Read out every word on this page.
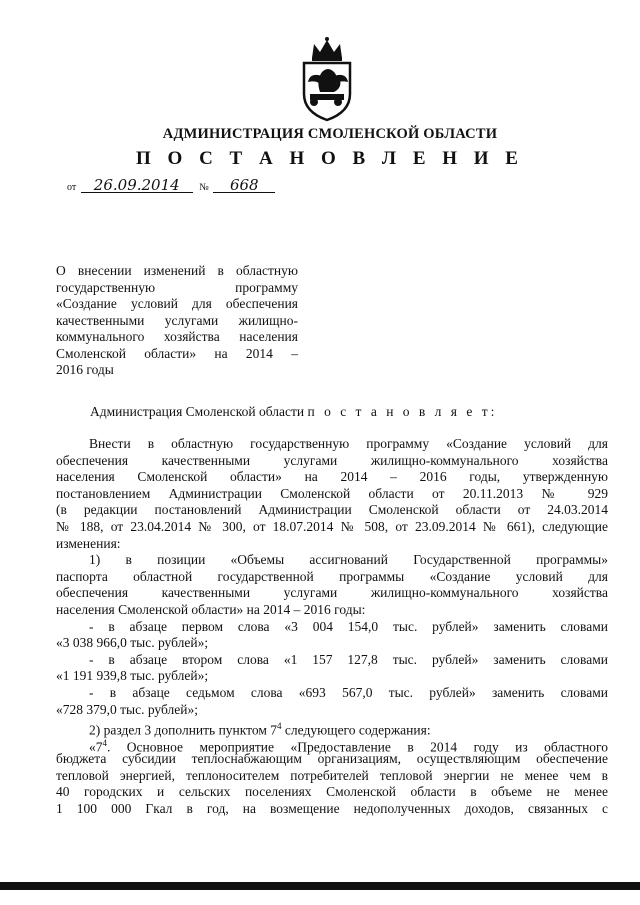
АДМИНИСТРАЦИЯ СМОЛЕНСКОЙ ОБЛАСТИ
П О С Т А Н О В Л Е Н И Е
от 26.09.2014 № 668
О внесении изменений в областную
государственную программу
«Создание условий для обеспечения
качественными услугами жилищно-
коммунального хозяйства населения
Смоленской области» на 2014 –
2016 годы
Администрация Смоленской области п о с т а н о в л я е т:
Внести в областную государственную программу «Создание условий для
обеспечения качественными услугами жилищно-коммунального хозяйства
населения Смоленской области» на 2014 – 2016 годы, утвержденную
постановлением Администрации Смоленской области от 20.11.2013 № 929
(в редакции постановлений Администрации Смоленской области от 24.03.2014
№ 188, от 23.04.2014 № 300, от 18.07.2014 № 508, от 23.09.2014 № 661), следующие
изменения:
1) в позиции «Объемы ассигнований Государственной программы»
паспорта областной государственной программы «Создание условий для
обеспечения качественными услугами жилищно-коммунального хозяйства
населения Смоленской области» на 2014 – 2016 годы:
- в абзаце первом слова «3 004 154,0 тыс. рублей» заменить словами
«3 038 966,0 тыс. рублей»;
- в абзаце втором слова «1 157 127,8 тыс. рублей» заменить словами
«1 191 939,8 тыс. рублей»;
- в абзаце седьмом слова «693 567,0 тыс. рублей» заменить словами
«728 379,0 тыс. рублей»;
2) раздел 3 дополнить пунктом $7^4$ следующего содержания:
«$7^4$. Основное мероприятие «Предоставление в 2014 году из областного
бюджета субсидии теплоснабжающим организациям, осуществляющим обеспечение
тепловой энергией, теплоносителем потребителей тепловой энергии не менее чем в
40 городских и сельских поселениях Смоленской области в объеме не менее
1 100 000 Гкал в год, на возмещение недополученных доходов, связанных с
